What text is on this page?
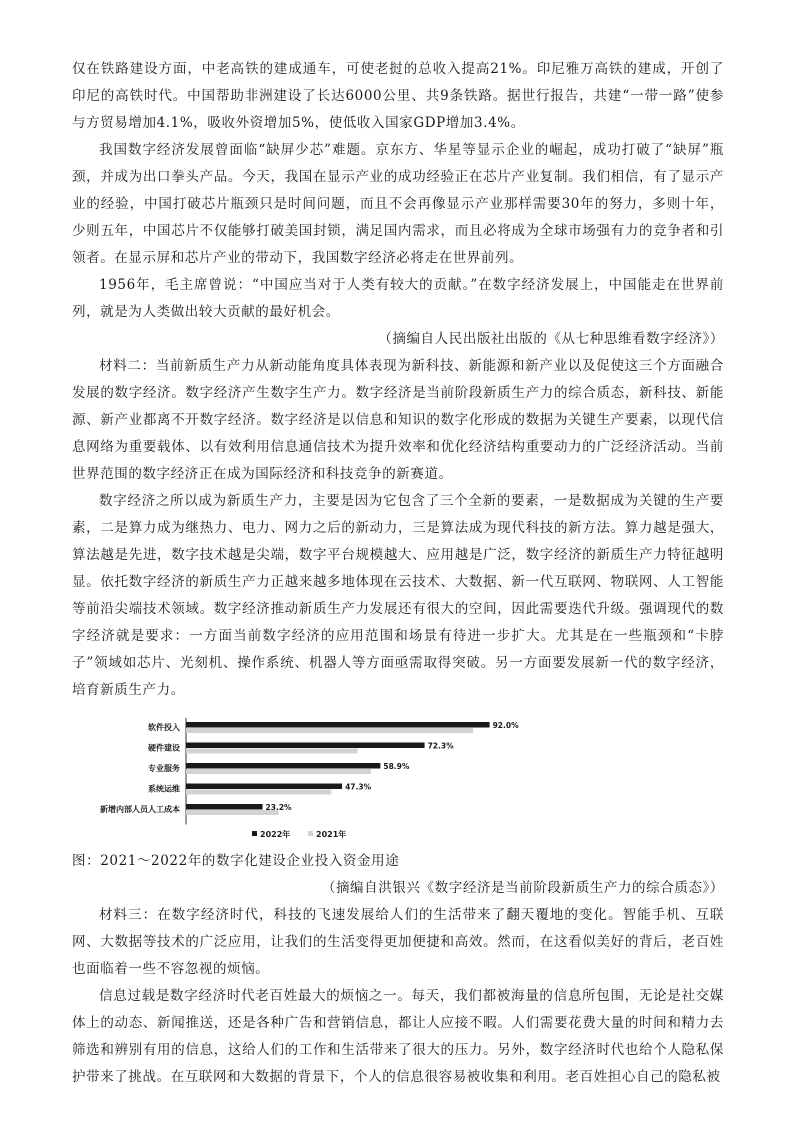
仅在铁路建设方面，中老高铁的建成通车，可使老挝的总收入提高21%。印尼雅万高铁的建成，开创了印尼的高铁时代。中国帮助非洲建设了长达6000公里、共9条铁路。据世行报告，共建“一带一路”使参与方贸易增加4.1%，吸收外资增加5%，使低收入国家GDP增加3.4%。

我国数字经济发展曾面临“缺屏少芯”难题。京东方、华星等显示企业的崛起，成功打破了“缺屏”瓶颈，并成为出口拳头产品。今天，我国在显示产业的成功经验正在芯片产业复制。我们相信，有了显示产业的经验，中国打破芯片瓶颈只是时间问题，而且不会再像显示产业那样需要30年的努力，多则十年，少则五年，中国芯片不仅能够打破美国封锁，满足国内需求，而且必将成为全球市场强有力的竞争者和引领者。在显示屏和芯片产业的带动下，我国数字经济必将走在世界前列。

1956年，毛主席曾说：“中国应当对于人类有较大的贡献。”在数字经济发展上，中国能走在世界前列，就是为人类做出较大贡献的最好机会。

（摘编自人民出版社出版的《从七种思维看数字经济》）

材料二：当前新质生产力从新动能角度具体表现为新科技、新能源和新产业以及促使这三个方面融合发展的数字经济。数字经济产生数字生产力。数字经济是当前阶段新质生产力的综合质态，新科技、新能源、新产业都离不开数字经济。数字经济是以信息和知识的数字化形成的数据为关键生产要素，以现代信息网络为重要载体、以有效利用信息通信技术为提升效率和优化经济结构重要动力的广泛经济活动。当前世界范围的数字经济正在成为国际经济和科技竞争的新赛道。

数字经济之所以成为新质生产力，主要是因为它包含了三个全新的要素，一是数据成为关键的生产要素，二是算力成为继热力、电力、网力之后的新动力，三是算法成为现代科技的新方法。算力越是强大，算法越是先进，数字技术越是尖端，数字平台规模越大、应用越是广泛，数字经济的新质生产力特征越明显。依托数字经济的新质生产力正越来越多地体现在云技术、大数据、新一代互联网、物联网、人工智能等前沿尖端技术领域。数字经济推动新质生产力发展还有很大的空间，因此需要迭代升级。强调现代的数字经济就是要求：一方面当前数字经济的应用范围和场景有待进一步扩大。尤其是在一些瓶颈和“卡脖子”领域如芯片、光刻机、操作系统、机器人等方面亟需取得突破。另一方面要发展新一代的数字经济，培育新质生产力。

软件投入	92.0%
硬件建设	72.3%
专业服务	58.9%
系统运维	47.3%
新增内部人员人工成本	23.2%
2022年	2021年

图：2021～2022年的数字化建设企业投入资金用途

（摘编自洪银兴《数字经济是当前阶段新质生产力的综合质态》）

材料三：在数字经济时代，科技的飞速发展给人们的生活带来了翻天覆地的变化。智能手机、互联网、大数据等技术的广泛应用，让我们的生活变得更加便捷和高效。然而，在这看似美好的背后，老百姓也面临着一些不容忽视的烦恼。

信息过载是数字经济时代老百姓最大的烦恼之一。每天，我们都被海量的信息所包围，无论是社交媒体上的动态、新闻推送，还是各种广告和营销信息，都让人应接不暇。人们需要花费大量的时间和精力去筛选和辨别有用的信息，这给人们的工作和生活带来了很大的压力。另外，数字经济时代也给个人隐私保护带来了挑战。在互联网和大数据的背景下，个人的信息很容易被收集和利用。老百姓担心自己的隐私被
